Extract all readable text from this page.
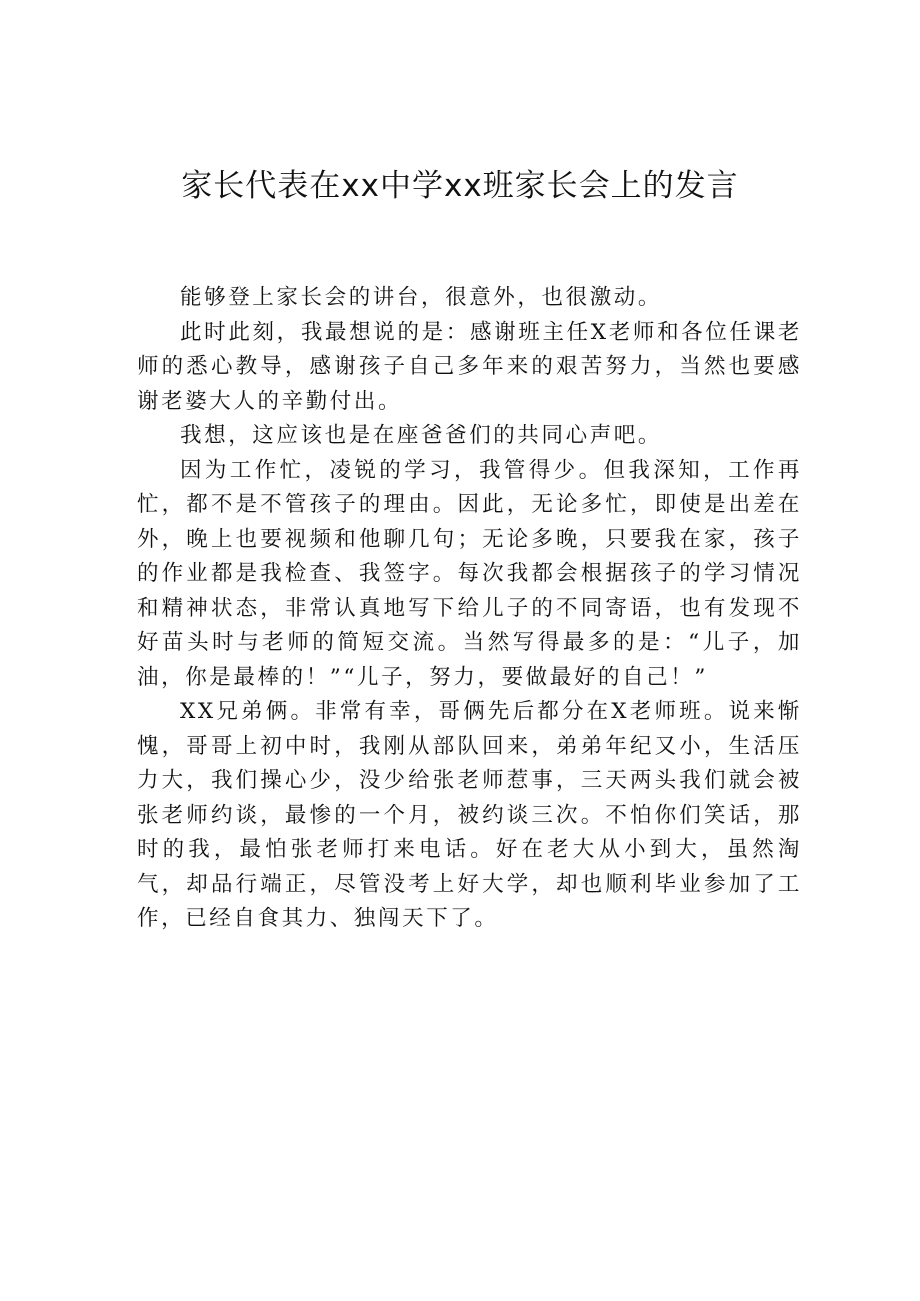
家长代表在xx中学xx班家长会上的发言

能够登上家长会的讲台，很意外，也很激动。

此时此刻，我最想说的是：感谢班主任X老师和各位任课老师的悉心教导，感谢孩子自己多年来的艰苦努力，当然也要感谢老婆大人的辛勤付出。

我想，这应该也是在座爸爸们的共同心声吧。

因为工作忙，凌锐的学习，我管得少。但我深知，工作再忙，都不是不管孩子的理由。因此，无论多忙，即使是出差在外，晚上也要视频和他聊几句；无论多晚，只要我在家，孩子的作业都是我检查、我签字。每次我都会根据孩子的学习情况和精神状态，非常认真地写下给儿子的不同寄语，也有发现不好苗头时与老师的简短交流。当然写得最多的是：“儿子，加油，你是最棒的！”“儿子，努力，要做最好的自己！”

XX兄弟俩。非常有幸，哥俩先后都分在X老师班。说来惭愧，哥哥上初中时，我刚从部队回来，弟弟年纪又小，生活压力大，我们操心少，没少给张老师惹事，三天两头我们就会被张老师约谈，最惨的一个月，被约谈三次。不怕你们笑话，那时的我，最怕张老师打来电话。好在老大从小到大，虽然淘气，却品行端正，尽管没考上好大学，却也顺利毕业参加了工作，已经自食其力、独闯天下了。
